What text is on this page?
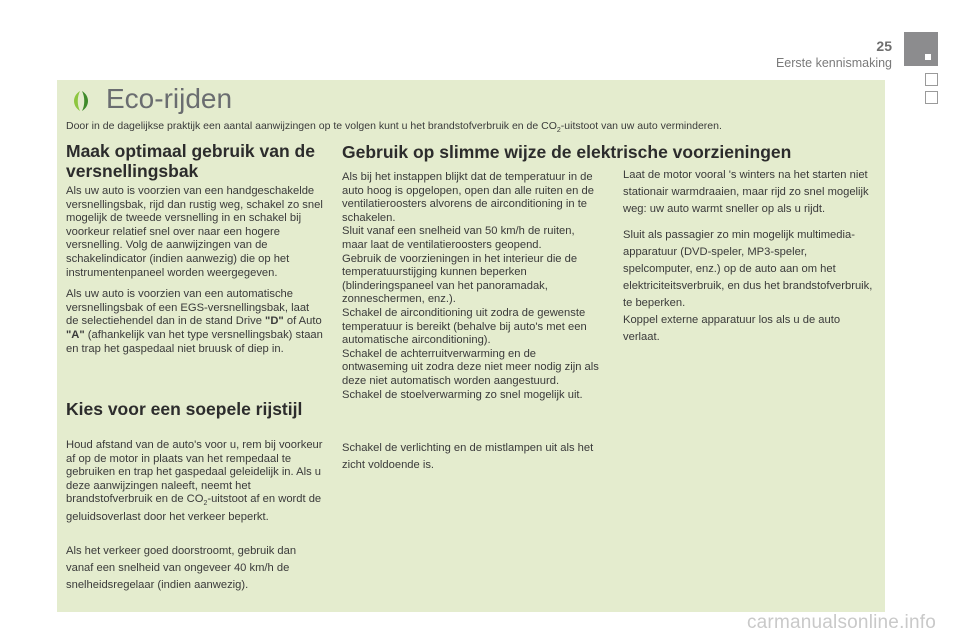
25
Eerste kennismaking
Eco-rijden
Door in de dagelijkse praktijk een aantal aanwijzingen op te volgen kunt u het brandstofverbruik en de $CO_2$-uitstoot van uw auto verminderen.
Maak optimaal gebruik van de versnellingsbak

Als uw auto is voorzien van een handgeschakelde versnellingsbak, rijd dan rustig weg, schakel zo snel mogelijk de tweede versnelling in en schakel bij voorkeur relatief snel over naar een hogere versnelling. Volg de aanwijzingen van de schakelindicator (indien aanwezig) die op het instrumentenpaneel worden weergegeven.

Als uw auto is voorzien van een automatische versnellingsbak of een EGS-versnellingsbak, laat de selectiehendel dan in de stand Drive "D" of Auto "A" (afhankelijk van het type versnellingsbak) staan en trap het gaspedaal niet bruusk of diep in.

Kies voor een soepele rijstijl

Houd afstand van de auto's voor u, rem bij voorkeur af op de motor in plaats van het rempedaal te gebruiken en trap het gaspedaal geleidelijk in. Als u deze aanwijzingen naleeft, neemt het brandstofverbruik en de $CO_2$-uitstoot af en wordt de geluidsoverlast door het verkeer beperkt.

Als het verkeer goed doorstroomt, gebruik dan vanaf een snelheid van ongeveer 40 km/h de snelheidsregelaar (indien aanwezig).

Gebruik op slimme wijze de elektrische voorzieningen
Als bij het instappen blijkt dat de temperatuur in de auto hoog is opgelopen, open dan alle ruiten en de ventilatieroosters alvorens de airconditioning in te schakelen.
Sluit vanaf een snelheid van 50 km/h de ruiten, maar laat de ventilatieroosters geopend.
Gebruik de voorzieningen in het interieur die de temperatuurstijging kunnen beperken (blinderingspaneel van het panoramadak, zonneschermen, enz.).
Schakel de airconditioning uit zodra de gewenste temperatuur is bereikt (behalve bij auto's met een automatische airconditioning).
Schakel de achterruitverwarming en de ontwaseming uit zodra deze niet meer nodig zijn als deze niet automatisch worden aangestuurd.
Schakel de stoelverwarming zo snel mogelijk uit.

Schakel de verlichting en de mistlampen uit als het zicht voldoende is.

Laat de motor vooral 's winters na het starten niet stationair warmdraaien, maar rijd zo snel mogelijk weg: uw auto warmt sneller op als u rijdt.

Sluit als passagier zo min mogelijk multimedia-apparatuur (DVD-speler, MP3-speler, spelcomputer, enz.) op de auto aan om het elektriciteitsverbruik, en dus het brandstofverbruik, te beperken.

Koppel externe apparatuur los als u de auto verlaat.

carmanualsonline.info
